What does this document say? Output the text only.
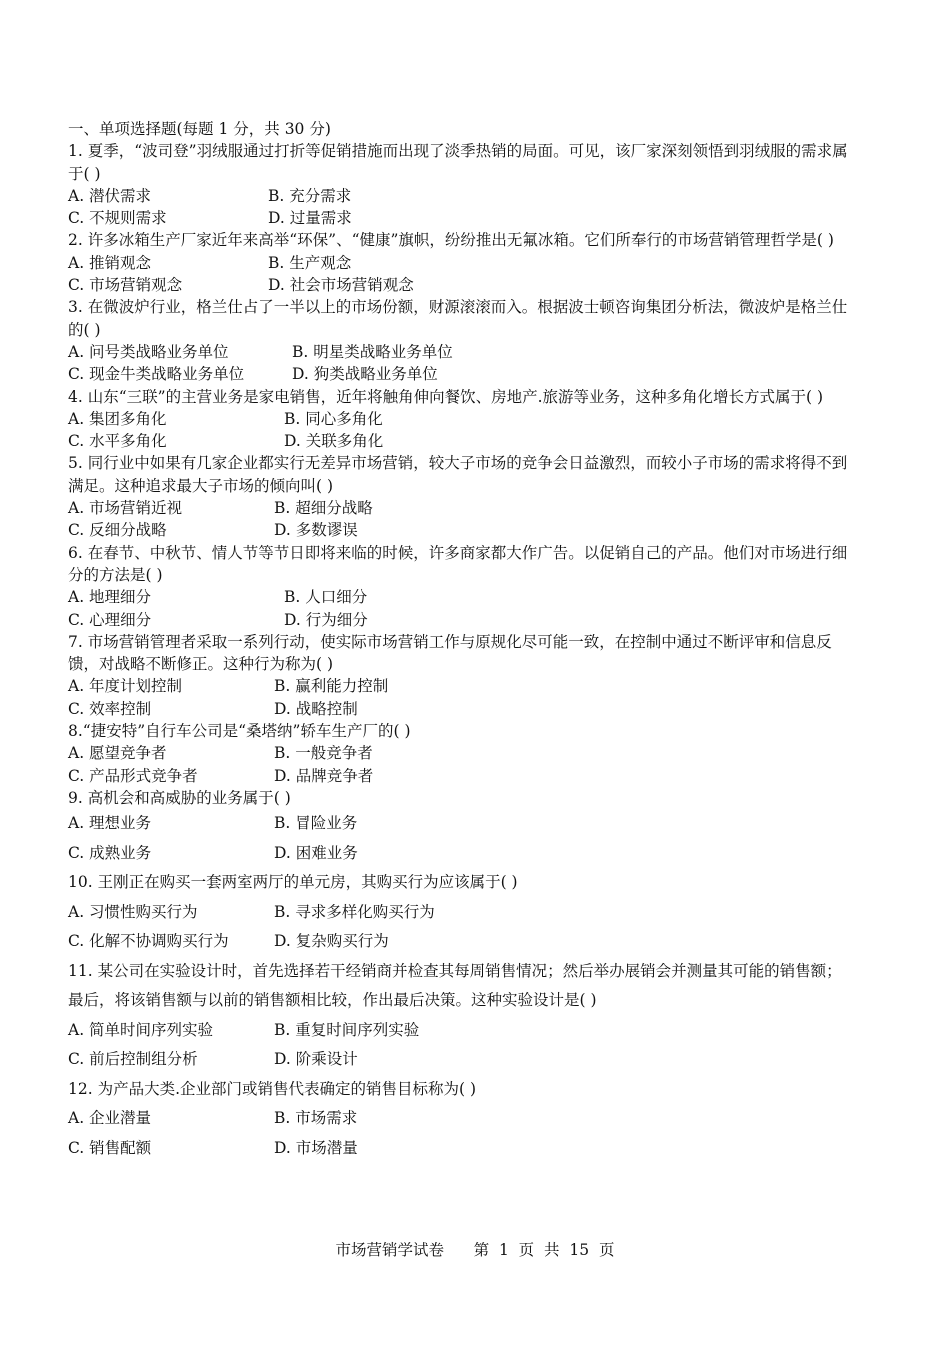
一、单项选择题(每题 1 分，共 30 分)
1. 夏季，“波司登”羽绒服通过打折等促销措施而出现了淡季热销的局面。可见，该厂家深刻领悟到羽绒服的需求属于( )
A. 潜伏需求	B. 充分需求
C. 不规则需求	D. 过量需求
2. 许多冰箱生产厂家近年来高举“环保”、“健康”旗帜，纷纷推出无氟冰箱。它们所奉行的市场营销管理哲学是( )
A. 推销观念	B. 生产观念
C. 市场营销观念	D. 社会市场营销观念
3. 在微波炉行业，格兰仕占了一半以上的市场份额，财源滚滚而入。根据波士顿咨询集团分析法，微波炉是格兰仕的( )
A. 问号类战略业务单位	B. 明星类战略业务单位
C. 现金牛类战略业务单位	D. 狗类战略业务单位
4. 山东“三联”的主营业务是家电销售，近年将触角伸向餐饮、房地产.旅游等业务，这种多角化增长方式属于( )
A. 集团多角化	B. 同心多角化
C. 水平多角化	D. 关联多角化
5. 同行业中如果有几家企业都实行无差异市场营销，较大子市场的竞争会日益激烈，而较小子市场的需求将得不到满足。这种追求最大子市场的倾向叫( )
A. 市场营销近视	B. 超细分战略
C. 反细分战略	D. 多数谬误
6. 在春节、中秋节、情人节等节日即将来临的时候，许多商家都大作广告。以促销自己的产品。他们对市场进行细分的方法是( )
A. 地理细分	B. 人口细分
C. 心理细分	D. 行为细分
7. 市场营销管理者采取一系列行动，使实际市场营销工作与原规化尽可能一致，在控制中通过不断评审和信息反馈，对战略不断修正。这种行为称为( )
A. 年度计划控制	B. 赢利能力控制
C. 效率控制	D. 战略控制
8.“捷安特”自行车公司是“桑塔纳”轿车生产厂的( )
A. 愿望竞争者	B. 一般竞争者
C. 产品形式竞争者	D. 品牌竞争者
9. 高机会和高威胁的业务属于( )
A. 理想业务	B. 冒险业务
C. 成熟业务	D. 困难业务
10. 王刚正在购买一套两室两厅的单元房，其购买行为应该属于( )
A. 习惯性购买行为	B. 寻求多样化购买行为
C. 化解不协调购买行为	D. 复杂购买行为
11. 某公司在实验设计时，首先选择若干经销商并检查其每周销售情况；然后举办展销会并测量其可能的销售额；最后，将该销售额与以前的销售额相比较，作出最后决策。这种实验设计是( )
A. 简单时间序列实验	B. 重复时间序列实验
C. 前后控制组分析	D. 阶乘设计
12. 为产品大类.企业部门或销售代表确定的销售目标称为( )
A. 企业潜量	B. 市场需求
C. 销售配额	D. 市场潜量
市场营销学试卷      第  1  页  共  15  页
